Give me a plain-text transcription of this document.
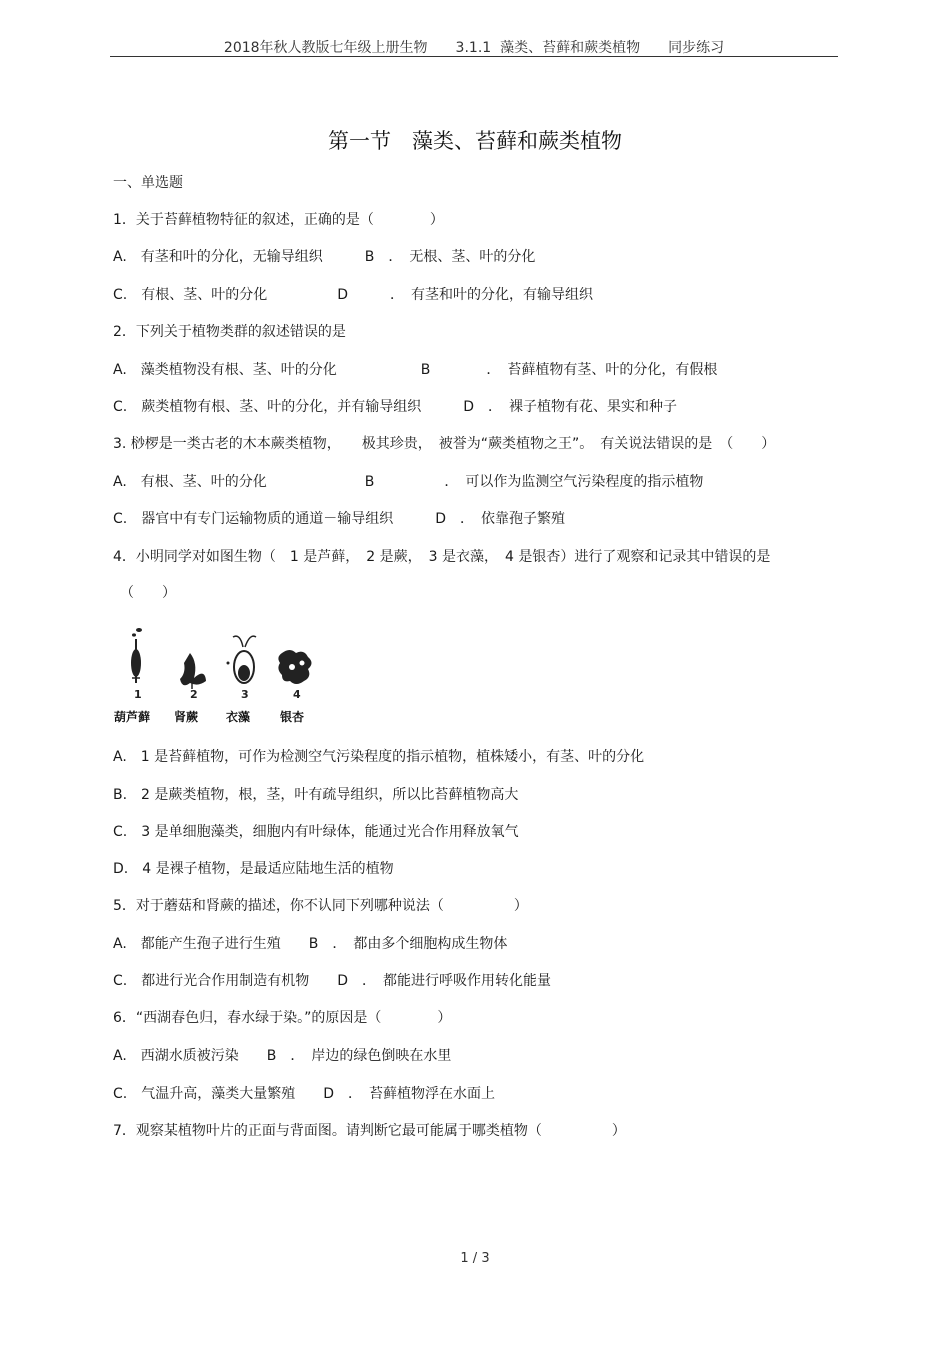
2018年秋人教版七年级上册生物　　3.1.1  藻类、苔藓和蕨类植物　　同步练习
第一节　藻类、苔藓和蕨类植物
一、单选题
1．关于苔藓植物特征的叙述，正确的是（　　　　）
A.　有茎和叶的分化，无输导组织　　　B　．　无根、茎、叶的分化
C.　有根、茎、叶的分化　　　　　D　　　．　有茎和叶的分化，有输导组织
2．下列关于植物类群的叙述错误的是
A.　藻类植物没有根、茎、叶的分化　　　　　　B　　　　．　苔藓植物有茎、叶的分化，有假根
C.　蕨类植物有根、茎、叶的分化，并有输导组织　　　D　．　裸子植物有花、果实和种子
3. 桫椤是一类古老的木本蕨类植物，　　极其珍贵，　被誉为“蕨类植物之王”。　有关说法错误的是　（　　）
A.　有根、茎、叶的分化　　　　　　　B　　　　　．　可以作为监测空气污染程度的指示植物
C.　器官中有专门运输物质的通道－输导组织　　　D　．　依靠孢子繁殖
4．小明同学对如图生物（　1 是芦藓，　2 是蕨，　3 是衣藻，　4 是银杏）进行了观察和记录其中错误的是
（　　）
1	2	3	4
葫芦藓 肾蕨 衣藻 银杏
A.　1 是苔藓植物，可作为检测空气污染程度的指示植物，植株矮小，有茎、叶的分化
B.　2 是蕨类植物，根，茎，叶有疏导组织，所以比苔藓植物高大
C.　3 是单细胞藻类，细胞内有叶绿体，能通过光合作用释放氧气
D.　4 是裸子植物，是最适应陆地生活的植物
5．对于蘑菇和肾蕨的描述，你不认同下列哪种说法（　　　　　）
A.　都能产生孢子进行生殖　　B　．　都由多个细胞构成生物体
C.　都进行光合作用制造有机物　　D　．　都能进行呼吸作用转化能量
6．“西湖春色归，春水绿于染。”的原因是（　　　　）
A.　西湖水质被污染　　B　．　岸边的绿色倒映在水里
C.　气温升高，藻类大量繁殖　　D　．　苔藓植物浮在水面上
7．观察某植物叶片的正面与背面图。请判断它最可能属于哪类植物（　　　　　）
1 / 3
